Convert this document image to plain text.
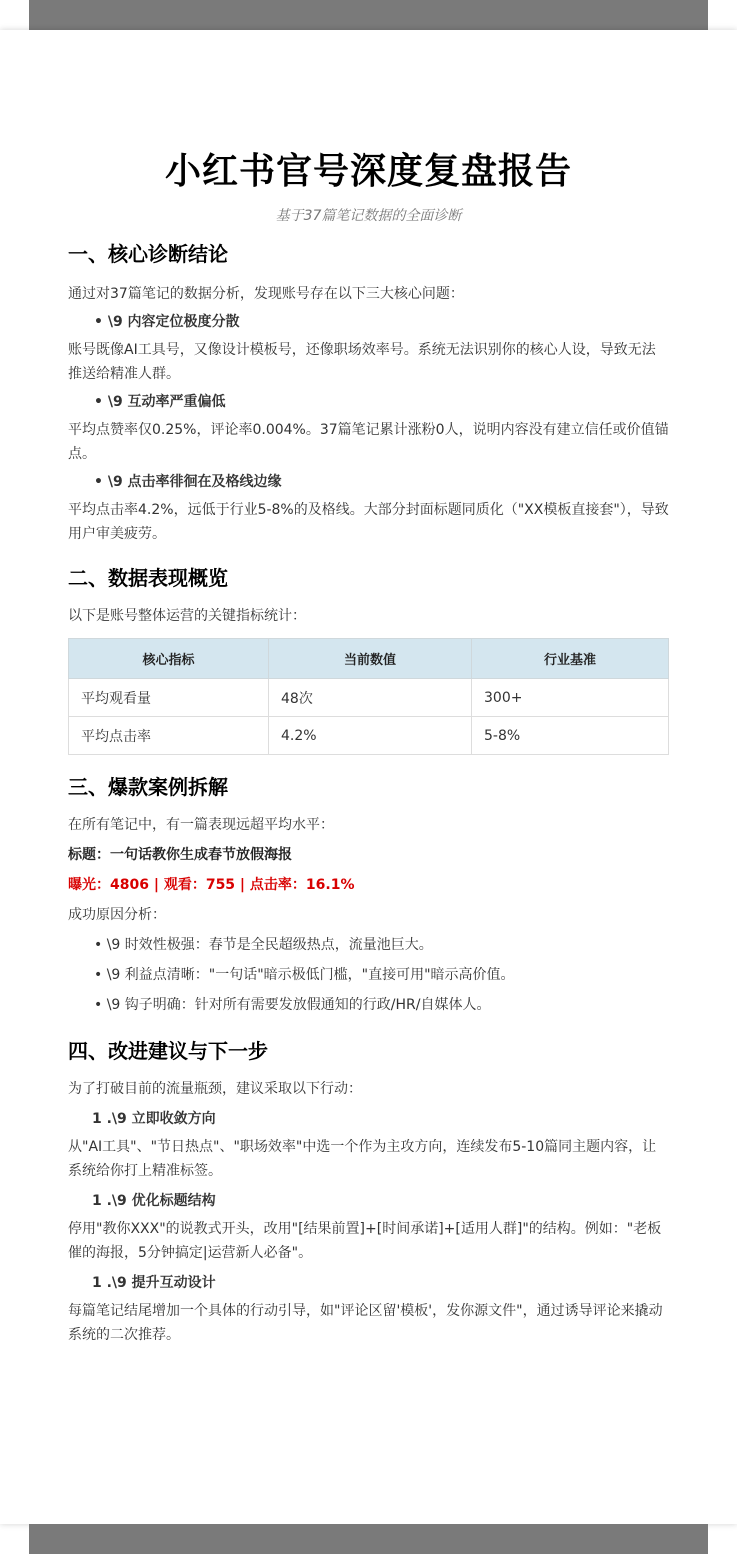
小红书官号深度复盘报告
基于37篇笔记数据的全面诊断
一、核心诊断结论

通过对37篇笔记的数据分析，发现账号存在以下三大核心问题：

• \9 内容定位极度分散

账号既像AI工具号，又像设计模板号，还像职场效率号。系统无法识别你的核心人设，导致无法推送给精准人群。

• \9 互动率严重偏低

平均点赞率仅0.25%，评论率0.004%。37篇笔记累计涨粉0人，说明内容没有建立信任或价值锚点。

• \9 点击率徘徊在及格线边缘

平均点击率4.2%，远低于行业5-8%的及格线。大部分封面标题同质化（"XX模板直接套"），导致用户审美疲劳。

二、数据表现概览

以下是账号整体运营的关键指标统计：

核心指标	当前数值	行业基准
平均观看量	48次	300+
平均点击率	4.2%	5-8%
三、爆款案例拆解

在所有笔记中，有一篇表现远超平均水平：

标题：一句话教你生成春节放假海报

曝光：4806 | 观看：755 | 点击率：16.1%

成功原因分析：

• \9 时效性极强：春节是全民超级热点，流量池巨大。

• \9 利益点清晰："一句话"暗示极低门槛，"直接可用"暗示高价值。

• \9 钩子明确：针对所有需要发放假通知的行政/HR/自媒体人。

四、改进建议与下一步

为了打破目前的流量瓶颈，建议采取以下行动：

1 .\9 立即收敛方向

从"AI工具"、"节日热点"、"职场效率"中选一个作为主攻方向，连续发布5-10篇同主题内容，让系统给你打上精准标签。

1 .\9 优化标题结构

停用"教你XXX"的说教式开头，改用"[结果前置]+[时间承诺]+[适用人群]"的结构。例如："老板催的海报，5分钟搞定|运营新人必备"。

1 .\9 提升互动设计

每篇笔记结尾增加一个具体的行动引导，如"评论区留'模板'，发你源文件"，通过诱导评论来撬动系统的二次推荐。
